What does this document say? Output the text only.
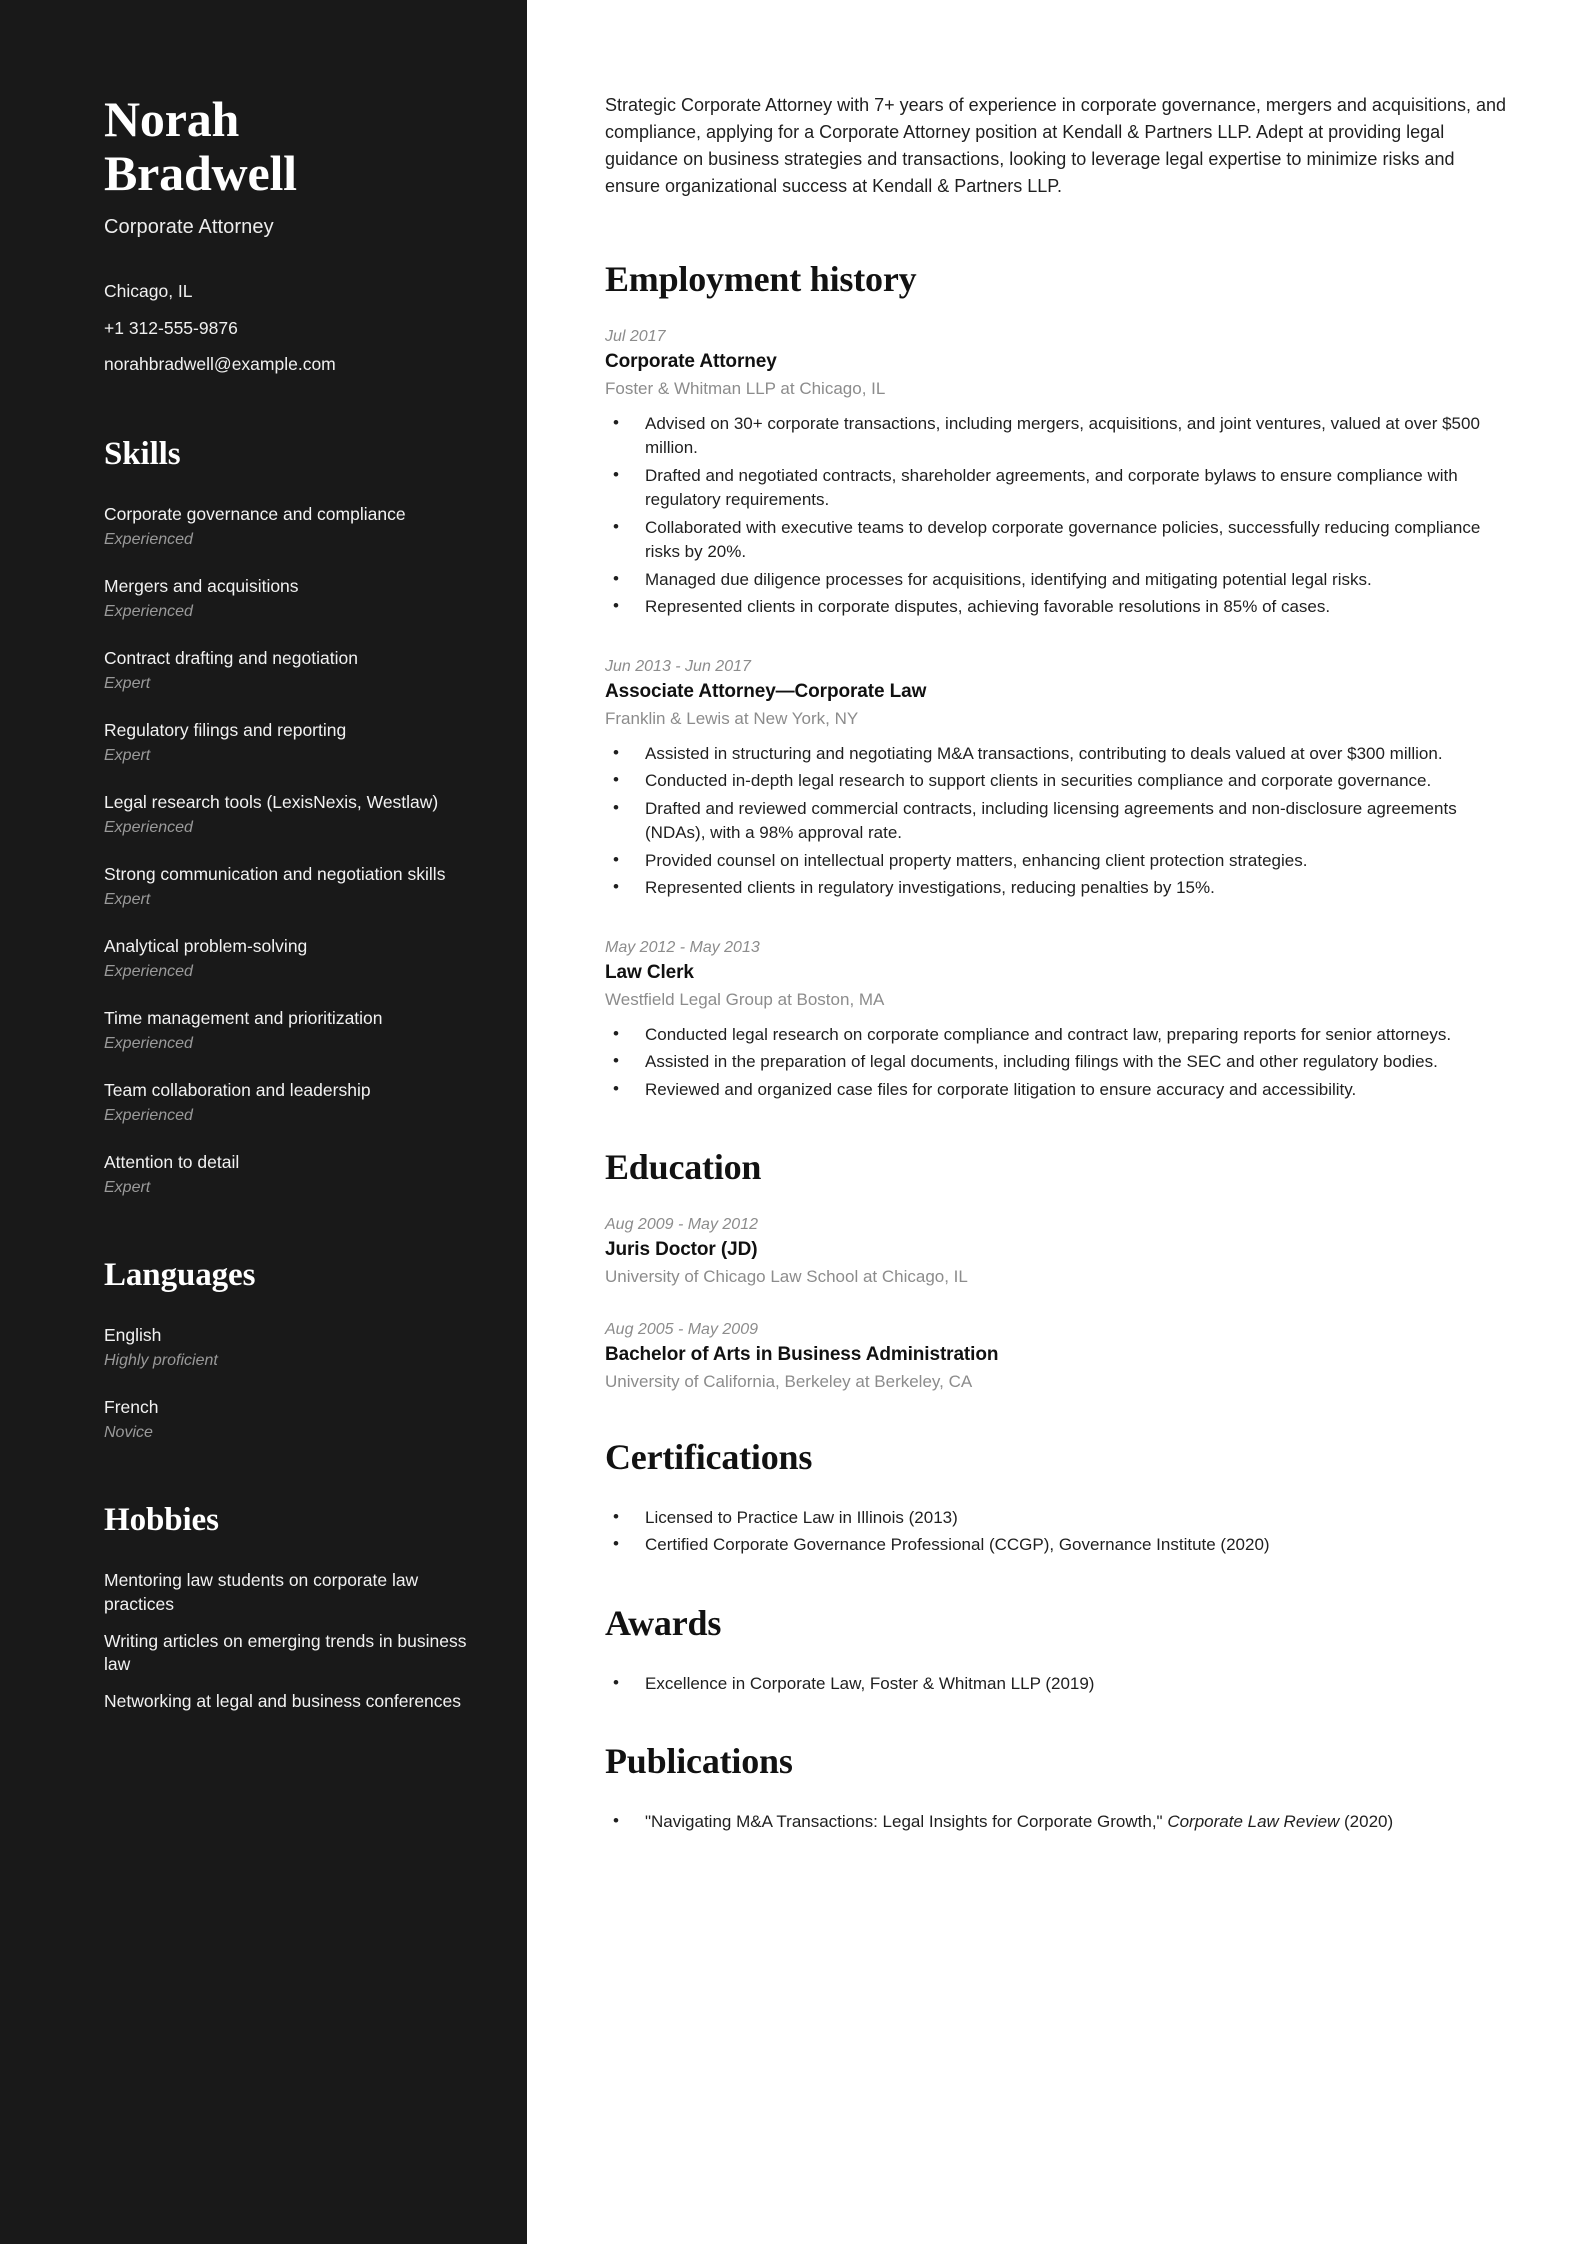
Norah
Bradwell
Corporate Attorney
Chicago, IL
+1 312-555-9876
norahbradwell@example.com
Skills
Corporate governance and compliance
Experienced
Mergers and acquisitions
Experienced
Contract drafting and negotiation
Expert
Regulatory filings and reporting
Expert
Legal research tools (LexisNexis, Westlaw)
Experienced
Strong communication and negotiation skills
Expert
Analytical problem-solving
Experienced
Time management and prioritization
Experienced
Team collaboration and leadership
Experienced
Attention to detail
Expert
Languages
English
Highly proficient
French
Novice
Hobbies
Mentoring law students on corporate law practices
Writing articles on emerging trends in business law
Networking at legal and business conferences

Strategic Corporate Attorney with 7+ years of experience in corporate governance, mergers and acquisitions, and compliance, applying for a Corporate Attorney position at Kendall & Partners LLP. Adept at providing legal guidance on business strategies and transactions, looking to leverage legal expertise to minimize risks and ensure organizational success at Kendall & Partners LLP.

Employment history
Jul 2017
Corporate Attorney
Foster & Whitman LLP at Chicago, IL
• Advised on 30+ corporate transactions, including mergers, acquisitions, and joint ventures, valued at over $500 million.
• Drafted and negotiated contracts, shareholder agreements, and corporate bylaws to ensure compliance with regulatory requirements.
• Collaborated with executive teams to develop corporate governance policies, successfully reducing compliance risks by 20%.
• Managed due diligence processes for acquisitions, identifying and mitigating potential legal risks.
• Represented clients in corporate disputes, achieving favorable resolutions in 85% of cases.
Jun 2013 - Jun 2017
Associate Attorney—Corporate Law
Franklin & Lewis at New York, NY
• Assisted in structuring and negotiating M&A transactions, contributing to deals valued at over $300 million.
• Conducted in-depth legal research to support clients in securities compliance and corporate governance.
• Drafted and reviewed commercial contracts, including licensing agreements and non-disclosure agreements (NDAs), with a 98% approval rate.
• Provided counsel on intellectual property matters, enhancing client protection strategies.
• Represented clients in regulatory investigations, reducing penalties by 15%.
May 2012 - May 2013
Law Clerk
Westfield Legal Group at Boston, MA
• Conducted legal research on corporate compliance and contract law, preparing reports for senior attorneys.
• Assisted in the preparation of legal documents, including filings with the SEC and other regulatory bodies.
• Reviewed and organized case files for corporate litigation to ensure accuracy and accessibility.
Education
Aug 2009 - May 2012
Juris Doctor (JD)
University of Chicago Law School at Chicago, IL
Aug 2005 - May 2009
Bachelor of Arts in Business Administration
University of California, Berkeley at Berkeley, CA
Certifications
• Licensed to Practice Law in Illinois (2013)
• Certified Corporate Governance Professional (CCGP), Governance Institute (2020)
Awards
• Excellence in Corporate Law, Foster & Whitman LLP (2019)
Publications
• "Navigating M&A Transactions: Legal Insights for Corporate Growth," Corporate Law Review (2020)
